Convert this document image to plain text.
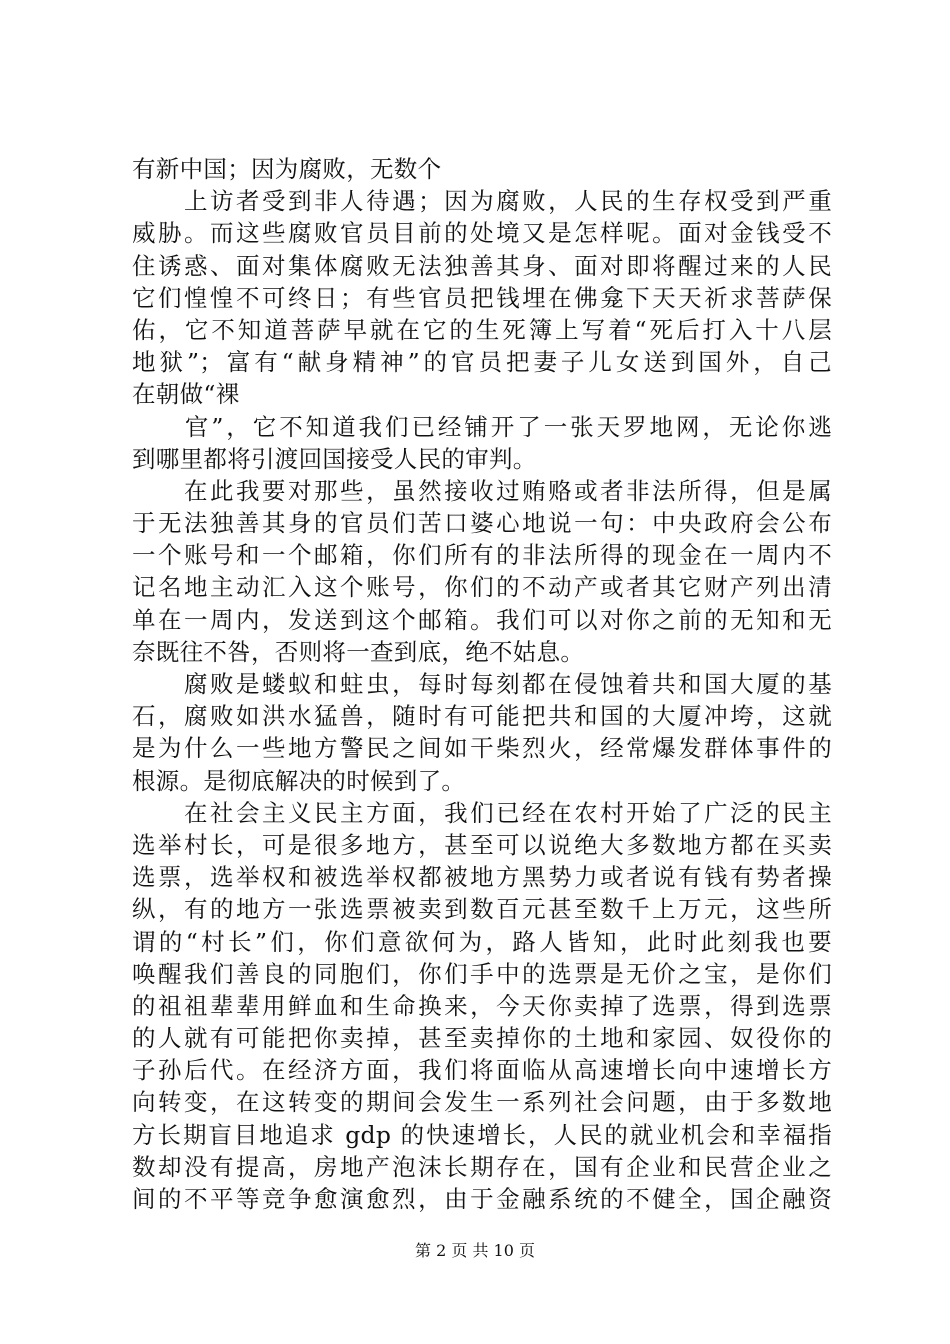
有新中国；因为腐败，无数个
　　上访者受到非人待遇；因为腐败，人民的生存权受到严重
威胁。而这些腐败官员目前的处境又是怎样呢。面对金钱受不
住诱惑、面对集体腐败无法独善其身、面对即将醒过来的人民
它们惶惶不可终日；有些官员把钱埋在佛龛下天天祈求菩萨保
佑，它不知道菩萨早就在它的生死簿上写着“死后打入十八层
地狱”；富有“献身精神”的官员把妻子儿女送到国外，自己
在朝做“裸
　　官”，它不知道我们已经铺开了一张天罗地网，无论你逃
到哪里都将引渡回国接受人民的审判。
　　在此我要对那些，虽然接收过贿赂或者非法所得，但是属
于无法独善其身的官员们苦口婆心地说一句：中央政府会公布
一个账号和一个邮箱，你们所有的非法所得的现金在一周内不
记名地主动汇入这个账号，你们的不动产或者其它财产列出清
单在一周内，发送到这个邮箱。我们可以对你之前的无知和无
奈既往不咎，否则将一查到底，绝不姑息。
　　腐败是蝼蚁和蛀虫，每时每刻都在侵蚀着共和国大厦的基
石，腐败如洪水猛兽，随时有可能把共和国的大厦冲垮，这就
是为什么一些地方警民之间如干柴烈火，经常爆发群体事件的
根源。是彻底解决的时候到了。
　　在社会主义民主方面，我们已经在农村开始了广泛的民主
选举村长，可是很多地方，甚至可以说绝大多数地方都在买卖
选票，选举权和被选举权都被地方黑势力或者说有钱有势者操
纵，有的地方一张选票被卖到数百元甚至数千上万元，这些所
谓的“村长”们，你们意欲何为，路人皆知，此时此刻我也要
唤醒我们善良的同胞们，你们手中的选票是无价之宝，是你们
的祖祖辈辈用鲜血和生命换来，今天你卖掉了选票，得到选票
的人就有可能把你卖掉，甚至卖掉你的土地和家园、奴役你的
子孙后代。在经济方面，我们将面临从高速增长向中速增长方
向转变，在这转变的期间会发生一系列社会问题，由于多数地
方长期盲目地追求 gdp 的快速增长，人民的就业机会和幸福指
数却没有提高，房地产泡沫长期存在，国有企业和民营企业之
间的不平等竞争愈演愈烈，由于金融系统的不健全，国企融资
第 2 页 共 10 页
